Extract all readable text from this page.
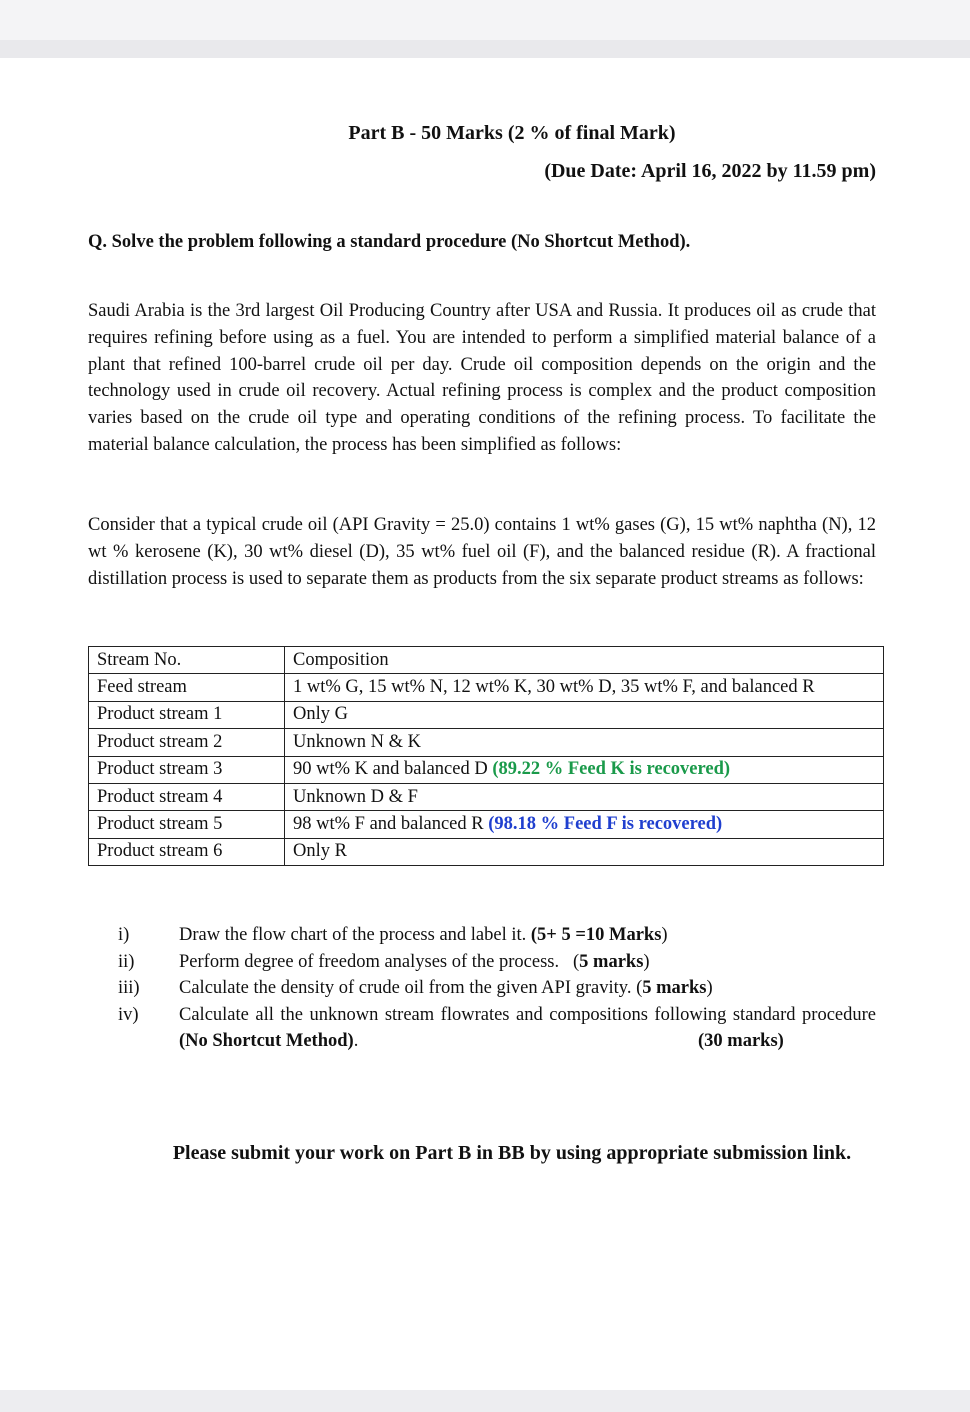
Part B - 50 Marks (2 % of final Mark)
(Due Date: April 16, 2022 by 11.59 pm)
Q. Solve the problem following a standard procedure (No Shortcut Method).

Saudi Arabia is the 3rd largest Oil Producing Country after USA and Russia. It produces oil as crude that requires refining before using as a fuel. You are intended to perform a simplified material balance of a plant that refined 100-barrel crude oil per day. Crude oil composition depends on the origin and the technology used in crude oil recovery. Actual refining process is complex and the product composition varies based on the crude oil type and operating conditions of the refining process. To facilitate the material balance calculation, the process has been simplified as follows:

Consider that a typical crude oil (API Gravity = 25.0) contains 1 wt% gases (G), 15 wt% naphtha (N), 12 wt % kerosene (K), 30 wt% diesel (D), 35 wt% fuel oil (F), and the balanced residue (R). A fractional distillation process is used to separate them as products from the six separate product streams as follows:

Stream No.	Composition
Feed stream	1 wt% G, 15 wt% N, 12 wt% K, 30 wt% D, 35 wt% F, and balanced R
Product stream 1	Only G
Product stream 2	Unknown N & K
Product stream 3	90 wt% K and balanced D (89.22 % Feed K is recovered)
Product stream 4	Unknown D & F
Product stream 5	98 wt% F and balanced R (98.18 % Feed F is recovered)
Product stream 6	Only R
i)	Draw the flow chart of the process and label it. (5+ 5 =10 Marks)
ii) Perform degree of freedom analyses of the process.   (5 marks)
iii) Calculate the density of crude oil from the given API gravity. (5 marks)
iv) Calculate all the unknown stream flowrates and compositions following standard procedure (No Shortcut Method).	(30 marks)
Please submit your work on Part B in BB by using appropriate submission link.
